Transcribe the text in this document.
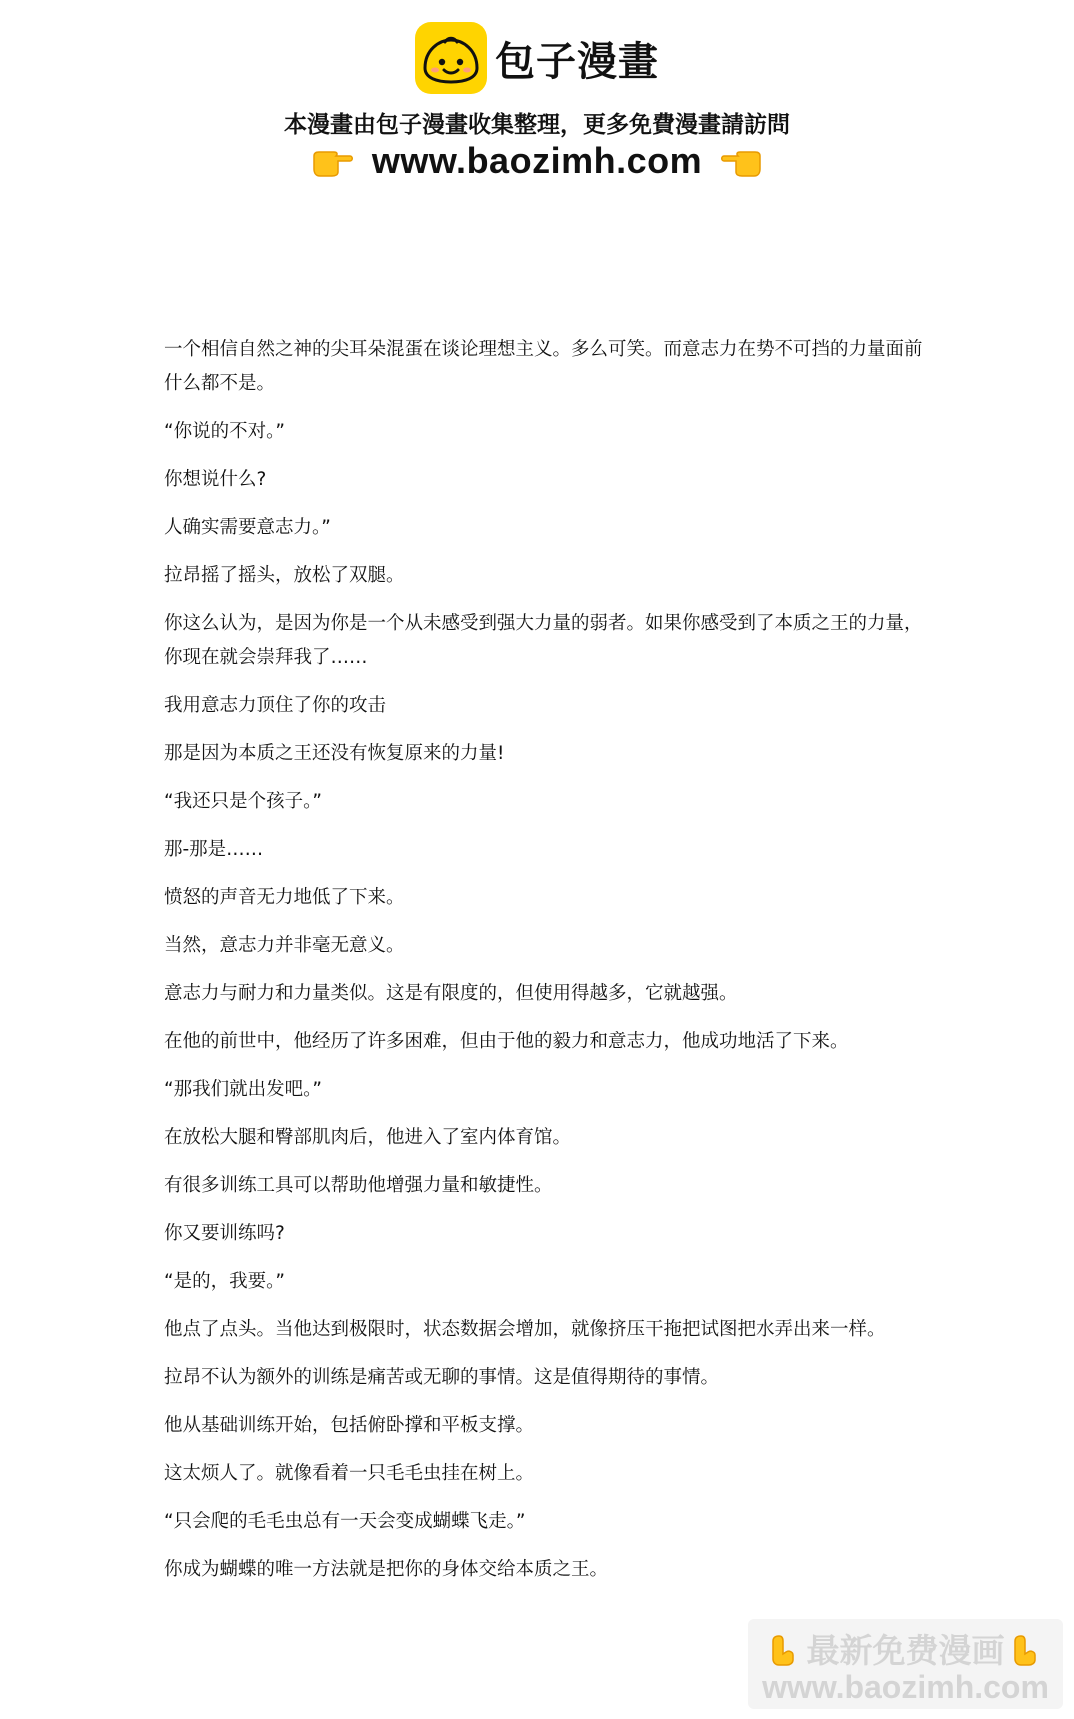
包子漫畫
本漫畫由包子漫畫收集整理，更多免費漫畫請訪問
www.baozimh.com

一个相信自然之神的尖耳朵混蛋在谈论理想主义。多么可笑。而意志力在势不可挡的力量面前什么都不是。

“你说的不对。”

你想说什么?

人确实需要意志力。”

拉昂摇了摇头，放松了双腿。

你这么认为，是因为你是一个从未感受到强大力量的弱者。如果你感受到了本质之王的力量，你现在就会崇拜我了……

我用意志力顶住了你的攻击

那是因为本质之王还没有恢复原来的力量!

“我还只是个孩子。”

那-那是……

愤怒的声音无力地低了下来。

当然，意志力并非毫无意义。

意志力与耐力和力量类似。这是有限度的，但使用得越多，它就越强。

在他的前世中，他经历了许多困难，但由于他的毅力和意志力，他成功地活了下来。

“那我们就出发吧。”

在放松大腿和臀部肌肉后，他进入了室内体育馆。

有很多训练工具可以帮助他增强力量和敏捷性。

你又要训练吗?

“是的，我要。”

他点了点头。当他达到极限时，状态数据会增加，就像挤压干拖把试图把水弄出来一样。

拉昂不认为额外的训练是痛苦或无聊的事情。这是值得期待的事情。

他从基础训练开始，包括俯卧撑和平板支撑。

这太烦人了。就像看着一只毛毛虫挂在树上。

“只会爬的毛毛虫总有一天会变成蝴蝶飞走。”

你成为蝴蝶的唯一方法就是把你的身体交给本质之王。

最新免费漫画
www.baozimh.com
